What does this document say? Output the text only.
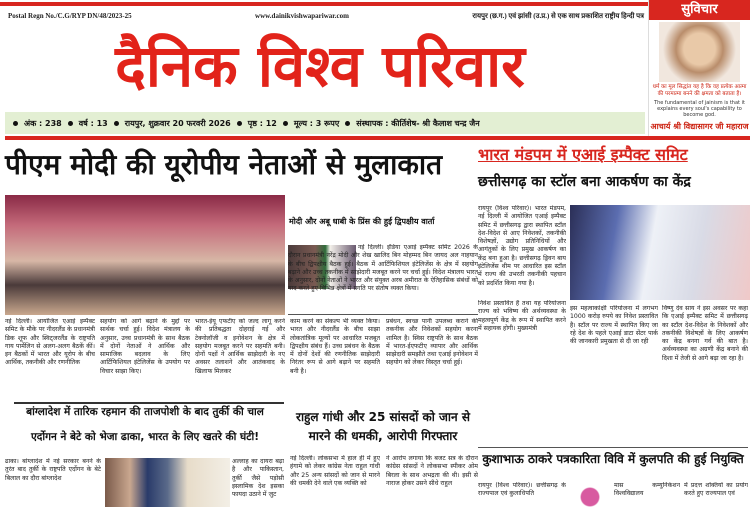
Postal Regn No./C.G/RYP DN/48/2023-25	www.dainikvishwapariwar.com	रायपुर (छ.ग.) एवं झांसी (उ.प्र.) से एक साथ प्रकाशित राष्ट्रीय हिन्दी पत्र
दैनिक विश्व परिवार
अंक : 238 वर्ष : 13 रायपुर, शुक्रवार 20 फरवरी 2026 पृष्ठ : 12 मूल्य : 3 रूपए संस्थापक : कीर्तिशेष- श्री कैलाश चन्द्र जैन
सुविचार
धर्म का मूल सिद्धांत यह है कि वह प्रत्येक आत्मा की परमात्मा बनने की क्षमता को बताता है।
The fundamental of jainism is that it explains every soul's capability to become god.
आचार्य श्री विद्यासागर जी महाराज
पीएम मोदी की यूरोपीय नेताओं से मुलाकात
नई दिल्ली। आयोजित एआई इम्पैक्ट समिट के मौके पर नीदरलैंड के प्रधानमंत्री डिक शूफ और स्विट्जरलैंड के राष्ट्रपति गाय पार्मेलिन से अलग-अलग बैठकें कीं। इन बैठकों में भारत और यूरोप के बीच आर्थिक, तकनीकी और रणनीतिक
सहयोग को आगे बढ़ाने के मुद्दों पर सार्थक चर्चा हुई। विदेश मंत्रालय के अनुसार, उच्च प्रधानमंत्री के साथ बैठक में दोनों नेताओं ने आर्थिक और सामाजिक बदलाव के लिए आर्टिफिशियल इंटेलिजेंस के उपयोग पर विचार साझा किए।
भारत-ईयू एफटीए को जल्द लागू करने की प्रतिबद्धता दोहराई गई और टेक्नोलॉजी व इनोवेशन के क्षेत्र में सहयोग मजबूत करने पर सहमति बनी। दोनों पक्षों ने आर्थिक साझेदारी के नए अवसर तलाशने और आतंकवाद के खिलाफ मिलकर
मोदी और अबू धाबी के प्रिंस की हुई द्विपक्षीय वार्ता
नई दिल्ली। इंडिया एआई इम्पैक्ट समिट 2026 के दौरान प्रधानमंत्री नरेंद्र मोदी और शेख खालिद बिन मोहम्मद बिन जायद अल नाहयान के बीच द्विपक्षीय बैठक हुई। बैठक में आर्टिफिशियल इंटेलिजेंस के क्षेत्र में सहयोग बढ़ाने और उच्च तकनीक में साझेदारी मजबूत करने पर चर्चा हुई। विदेश मंत्रालय भारत के अनुसार, दोनों नेताओं ने भारत और संयुक्त अरब अमीरात के ऐतिहासिक संबंधों को याद करते हुए विभिन्न क्षेत्रों में प्रगति पर संतोष व्यक्त किया।
काम करने का संकल्प भी व्यक्त किया। भारत और नीदरलैंड के बीच साझा लोकतांत्रिक मूल्यों पर आधारित मजबूत द्विपक्षीय संबंध हैं। उच्च प्रबंधन के बैठक में दोनों देशों की रणनीतिक साझेदारी निरंतर रूप से आगे बढ़ाने पर सहमति बनी है।
प्रबंधन, स्वच्छ पानी उपलब्ध कराने की तकनीक और निवेशकों सहयोग करना शामिल है। स्विस राष्ट्रपति के साथ बैठक में भारत-ईएफटीए व्यापार और आर्थिक साझेदारी समझौते तथा एआई इनोवेशन में सहयोग को लेकर विस्तृत चर्चा हुई।
भारत मंडपम में एआई इम्पैक्ट समिट
छत्तीसगढ़ का स्टॉल बना आकर्षण का केंद्र
रायपुर (विश्व परिवार)। भारत मंडपम, नई दिल्ली में आयोजित एआई इम्पैक्ट समिट में छत्तीसगढ़ द्वारा स्थापित स्टॉल देश-विदेश से आए निवेशकों, तकनीकी विशेषज्ञों, उद्योग प्रतिनिधियों और आगंतुकों के लिए प्रमुख आकर्षण का केंद्र बना हुआ है। छत्तीसगढ़ ड्रिवन बाय इंटेलिजेंस थीम पर आधारित इस स्टॉल में राज्य की उभरती तकनीकी पहचान को प्रदर्शित किया गया है।
निवेश प्रस्तावित है तथा यह परियोजना राज्य को भविष्य की अर्थव्यवस्था के महत्वपूर्ण केंद्र के रूप में स्थापित करने में सहायक होगी। मुख्यमंत्री
इस महत्वाकांक्षी परियोजना में लगभग 1000 करोड़ रुपये का निवेश प्रस्तावित है। स्टॉल पर राज्य में स्थापित किए जा रहे देश के पहले एआई डाटा सेंटर पार्क की जानकारी प्रमुखता से दी जा रही
विष्णु देव साय ने इस अवसर पर कहा कि एआई इम्पैक्ट समिट में छत्तीसगढ़ का स्टॉल देश-विदेश के निवेशकों और तकनीकी विशेषज्ञों के लिए आकर्षण का केंद्र बनना गर्व की बात है। अर्थव्यवस्था का अग्रणी केंद्र बनाने की दिशा में तेजी से आगे बढ़ा जा रहा है।
कुशाभाऊ ठाकरे पत्रकारिता विवि में कुलपति की हुई नियुक्ति
रायपुर (विश्व परिवार)। छत्तीसगढ़ के राज्यपाल एवं कुलाधिपति
मास कम्युनिकेशन विश्वविद्यालय
में प्रदत्त शक्तियों का प्रयोग करते हुए राज्यपाल एवं
बांग्लादेश में तारिक रहमान की ताजपोशी के बाद तुर्की की चाल
एर्दोगन ने बेटे को भेजा ढाका, भारत के लिए खतरे की घंटी!
ढाका। बांग्लादेश में नई सरकार बनने के तुरंत बाद तुर्की के राष्ट्रपति एर्दोगन के बेटे बिलाल का दौरा बांग्लादेश
अल्लाह का दायरा बढ़ा है और पाकिस्तान, तुर्की जैसे पड़ोसी इस्लामिक देश इसका फायदा उठाने में जुट
राहुल गांधी और 25 सांसदों को जान से मारने की धमकी, आरोपी गिरफ्तार
नई दिल्ली। लोकसभा में हाल ही में हुए हंगामे को लेकर कांग्रेस नेता राहुल गांधी और 25 अन्य सांसदों को जान से मारने की धमकी देने वाले एक व्यक्ति को
ने आरोप लगाया कि बजट सत्र के दौरान कांग्रेस सांसदों ने लोकसभा स्पीकर ओम बिरला के साथ अभद्रता की थी। इसी से नाराज होकर उसने सीधे राहुल
